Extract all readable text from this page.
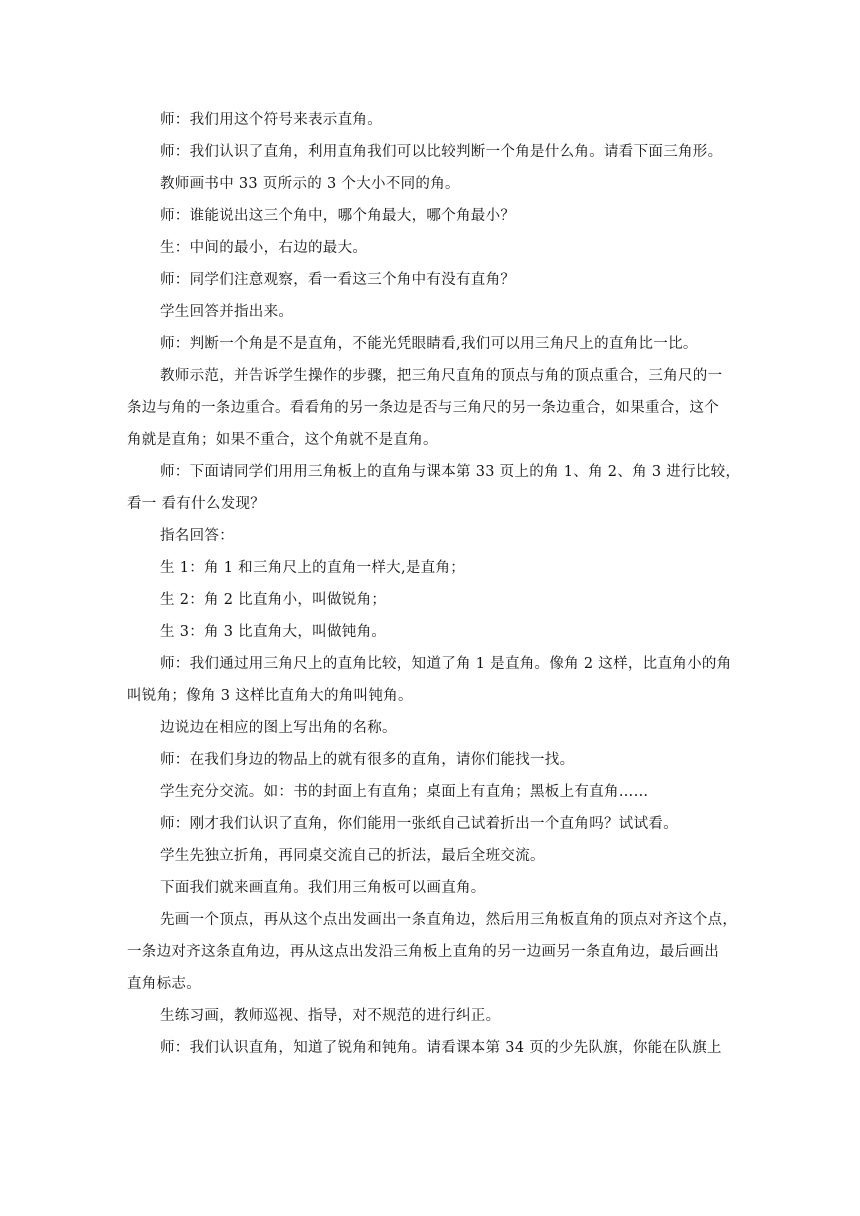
师：我们用这个符号来表示直角。

师：我们认识了直角，利用直角我们可以比较判断一个角是什么角。请看下面三角形。

教师画书中 33 页所示的 3 个大小不同的角。

师：谁能说出这三个角中，哪个角最大，哪个角最小？

生：中间的最小，右边的最大。

师：同学们注意观察，看一看这三个角中有没有直角？

学生回答并指出来。

师：判断一个角是不是直角，不能光凭眼睛看,我们可以用三角尺上的直角比一比。

教师示范，并告诉学生操作的步骤，把三角尺直角的顶点与角的顶点重合，三角尺的一
条边与角的一条边重合。看看角的另一条边是否与三角尺的另一条边重合，如果重合，这个
角就是直角；如果不重合，这个角就不是直角。

师：下面请同学们用用三角板上的直角与课本第 33 页上的角 1、角 2、角 3 进行比较，
看一 看有什么发现？

指名回答：

生 1：角 1 和三角尺上的直角一样大,是直角；

生 2：角 2 比直角小，叫做锐角；

生 3：角 3 比直角大，叫做钝角。

师：我们通过用三角尺上的直角比较，知道了角 1 是直角。像角 2 这样，比直角小的角
叫锐角；像角 3 这样比直角大的角叫钝角。

边说边在相应的图上写出角的名称。

师：在我们身边的物品上的就有很多的直角，请你们能找一找。

学生充分交流。如：书的封面上有直角；桌面上有直角；黑板上有直角……

师：刚才我们认识了直角，你们能用一张纸自己试着折出一个直角吗？试试看。

学生先独立折角，再同桌交流自己的折法，最后全班交流。

下面我们就来画直角。我们用三角板可以画直角。

先画一个顶点，再从这个点出发画出一条直角边，然后用三角板直角的顶点对齐这个点，
一条边对齐这条直角边，再从这点出发沿三角板上直角的另一边画另一条直角边，最后画出
直角标志。

生练习画，教师巡视、指导，对不规范的进行纠正。

师：我们认识直角，知道了锐角和钝角。请看课本第 34 页的少先队旗，你能在队旗上
